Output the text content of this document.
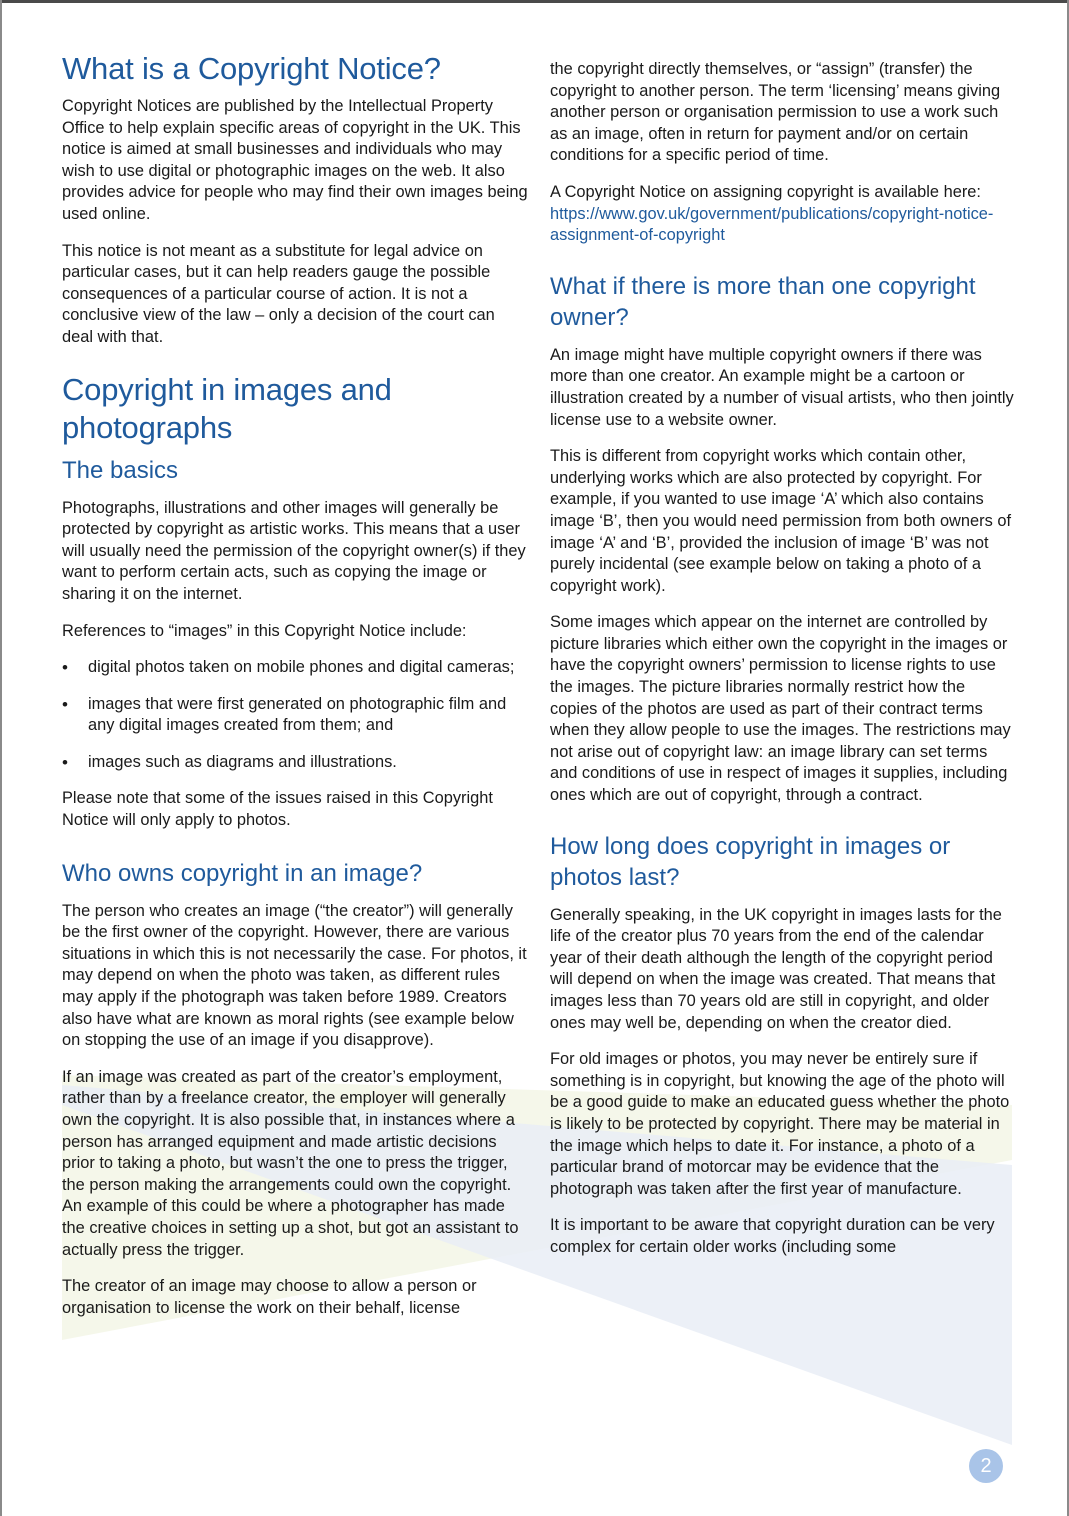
What is a Copyright Notice?

Copyright Notices are published by the Intellectual Property Office to help explain specific areas of copyright in the UK. This notice is aimed at small businesses and individuals who may wish to use digital or photographic images on the web. It also provides advice for people who may find their own images being used online.

This notice is not meant as a substitute for legal advice on particular cases, but it can help readers gauge the possible consequences of a particular course of action. It is not a conclusive view of the law – only a decision of the court can deal with that.

Copyright in images and photographs
The basics

Photographs, illustrations and other images will generally be protected by copyright as artistic works. This means that a user will usually need the permission of the copyright owner(s) if they want to perform certain acts, such as copying the image or sharing it on the internet.

References to “images” in this Copyright Notice include:

• digital photos taken on mobile phones and digital cameras;
• images that were first generated on photographic film and any digital images created from them; and
• images such as diagrams and illustrations.

Please note that some of the issues raised in this Copyright Notice will only apply to photos.

Who owns copyright in an image?

The person who creates an image (“the creator”) will generally be the first owner of the copyright. However, there are various situations in which this is not necessarily the case. For photos, it may depend on when the photo was taken, as different rules may apply if the photograph was taken before 1989. Creators also have what are known as moral rights (see example below on stopping the use of an image if you disapprove).

If an image was created as part of the creator’s employment, rather than by a freelance creator, the employer will generally own the copyright. It is also possible that, in instances where a person has arranged equipment and made artistic decisions prior to taking a photo, but wasn’t the one to press the trigger, the person making the arrangements could own the copyright. An example of this could be where a photographer has made the creative choices in setting up a shot, but got an assistant to actually press the trigger.

The creator of an image may choose to allow a person or organisation to license the work on their behalf, license

the copyright directly themselves, or “assign” (transfer) the copyright to another person. The term ‘licensing’ means giving another person or organisation permission to use a work such as an image, often in return for payment and/or on certain conditions for a specific period of time.

A Copyright Notice on assigning copyright is available here: https://www.gov.uk/government/publications/copyright-notice-assignment-of-copyright

What if there is more than one copyright owner?

An image might have multiple copyright owners if there was more than one creator. An example might be a cartoon or illustration created by a number of visual artists, who then jointly license use to a website owner.

This is different from copyright works which contain other, underlying works which are also protected by copyright. For example, if you wanted to use image ‘A’ which also contains image ‘B’, then you would need permission from both owners of image ‘A’ and ‘B’, provided the inclusion of image ‘B’ was not purely incidental (see example below on taking a photo of a copyright work).

Some images which appear on the internet are controlled by picture libraries which either own the copyright in the images or have the copyright owners’ permission to license rights to use the images. The picture libraries normally restrict how the copies of the photos are used as part of their contract terms when they allow people to use the images. The restrictions may not arise out of copyright law: an image library can set terms and conditions of use in respect of images it supplies, including ones which are out of copyright, through a contract.

How long does copyright in images or photos last?

Generally speaking, in the UK copyright in images lasts for the life of the creator plus 70 years from the end of the calendar year of their death although the length of the copyright period will depend on when the image was created. That means that images less than 70 years old are still in copyright, and older ones may well be, depending on when the creator died.

For old images or photos, you may never be entirely sure if something is in copyright, but knowing the age of the photo will be a good guide to make an educated guess whether the photo is likely to be protected by copyright. There may be material in the image which helps to date it. For instance, a photo of a particular brand of motorcar may be evidence that the photograph was taken after the first year of manufacture.

It is important to be aware that copyright duration can be very complex for certain older works (including some

2
